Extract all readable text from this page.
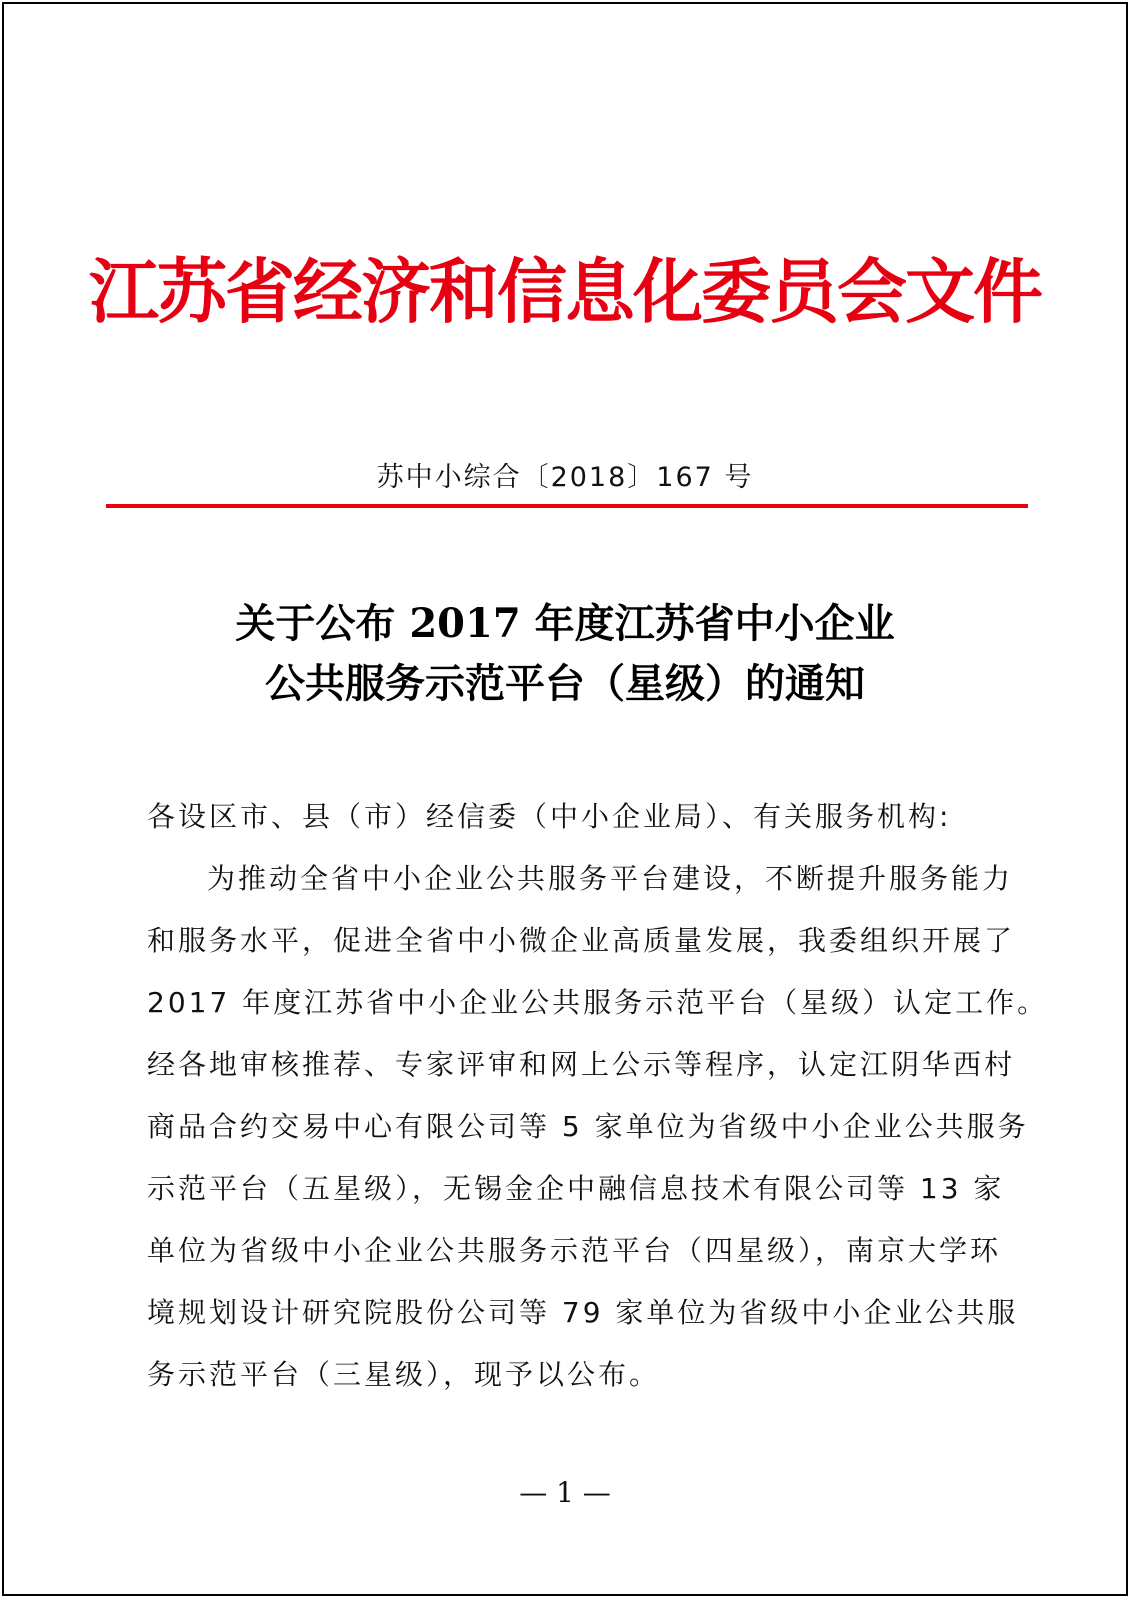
江苏省经济和信息化委员会文件
苏中小综合〔2018〕167 号
关于公布 2017 年度江苏省中小企业
公共服务示范平台（星级）的通知

各设区市、县（市）经信委（中小企业局）、有关服务机构:

为推动全省中小企业公共服务平台建设，不断提升服务能力

和服务水平，促进全省中小微企业高质量发展，我委组织开展了

2017 年度江苏省中小企业公共服务示范平台（星级）认定工作。

经各地审核推荐、专家评审和网上公示等程序，认定江阴华西村

商品合约交易中心有限公司等 5 家单位为省级中小企业公共服务

示范平台（五星级），无锡金企中融信息技术有限公司等 13 家

单位为省级中小企业公共服务示范平台（四星级），南京大学环

境规划设计研究院股份公司等 79 家单位为省级中小企业公共服

务示范平台（三星级），现予以公布。

— 1 —
